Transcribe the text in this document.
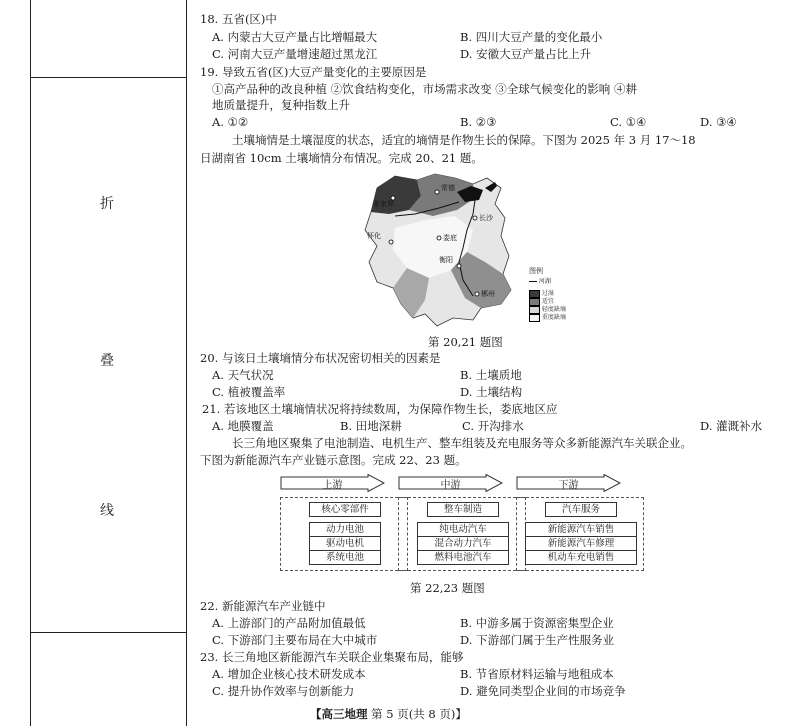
折
叠
线
18. 五省(区)中
A. 内蒙古大豆产量占比增幅最大	B. 四川大豆产量的变化最小
C. 河南大豆产量增速超过黑龙江	D. 安徽大豆产量占比上升
19. 导致五省(区)大豆产量变化的主要原因是
①高产品种的改良种植 ②饮食结构变化，市场需求改变 ③全球气候变化的影响 ④耕
地质量提升，复种指数上升
A. ①②	B. ②③	C. ①④	D. ③④
土壤墒情是土壤湿度的状态，适宜的墒情是作物生长的保障。下图为 2025 年 3 月 17～18
日湖南省 10cm 土壤墒情分布情况。完成 20、21 题。
常德
张家界
长沙
怀化	娄底
衡阳
郴州
图例
河湖
过湿
适宜
轻度缺墒
重度缺墒
第 20,21 题图
20. 与该日土壤墒情分布状况密切相关的因素是
A. 天气状况	B. 土壤质地
C. 植被覆盖率	D. 土壤结构
21. 若该地区土壤墒情状况将持续数周，为保障作物生长，娄底地区应
A. 地膜覆盖	B. 田地深耕	C. 开沟排水	D. 灌溉补水
长三角地区聚集了电池制造、电机生产、整车组装及充电服务等众多新能源汽车关联企业。
下图为新能源汽车产业链示意图。完成 22、23 题。
上游
核心零部件
动力电池
驱动电机
系统电池
中游
整车制造
纯电动汽车
混合动力汽车
燃料电池汽车
下游
汽车服务
新能源汽车销售
新能源汽车修理
机动车充电销售
第 22,23 题图
22. 新能源汽车产业链中
A. 上游部门的产品附加值最低	B. 中游多属于资源密集型企业
C. 下游部门主要布局在大中城市	D. 下游部门属于生产性服务业
23. 长三角地区新能源汽车关联企业集聚布局，能够
A. 增加企业核心技术研发成本	B. 节省原材料运输与地租成本
C. 提升协作效率与创新能力	D. 避免同类型企业间的市场竞争
【高三地理 第 5 页(共 8 页)】
